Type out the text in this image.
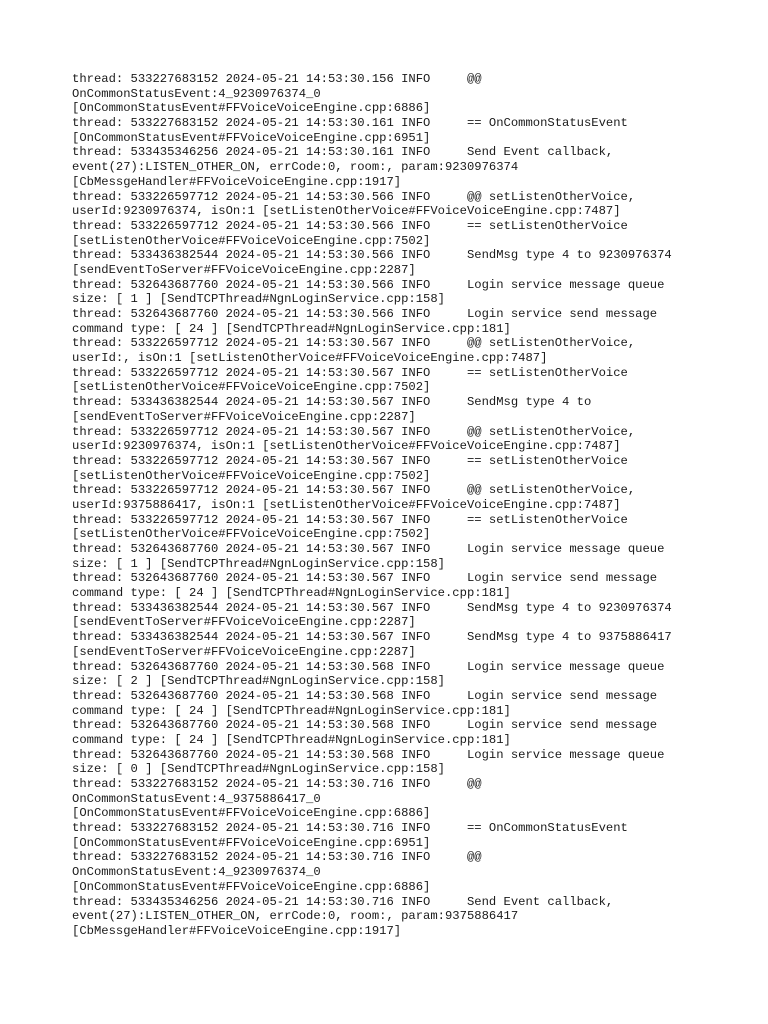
thread: 533227683152 2024-05-21 14:53:30.156 INFO     @@
OnCommonStatusEvent:4_9230976374_0
[OnCommonStatusEvent#FFVoiceVoiceEngine.cpp:6886]
thread: 533227683152 2024-05-21 14:53:30.161 INFO     == OnCommonStatusEvent
[OnCommonStatusEvent#FFVoiceVoiceEngine.cpp:6951]
thread: 533435346256 2024-05-21 14:53:30.161 INFO     Send Event callback,
event(27):LISTEN_OTHER_ON, errCode:0, room:, param:9230976374
[CbMessgeHandler#FFVoiceVoiceEngine.cpp:1917]
thread: 533226597712 2024-05-21 14:53:30.566 INFO     @@ setListenOtherVoice,
userId:9230976374, isOn:1 [setListenOtherVoice#FFVoiceVoiceEngine.cpp:7487]
thread: 533226597712 2024-05-21 14:53:30.566 INFO     == setListenOtherVoice
[setListenOtherVoice#FFVoiceVoiceEngine.cpp:7502]
thread: 533436382544 2024-05-21 14:53:30.566 INFO     SendMsg type 4 to 9230976374
[sendEventToServer#FFVoiceVoiceEngine.cpp:2287]
thread: 532643687760 2024-05-21 14:53:30.566 INFO     Login service message queue
size: [ 1 ] [SendTCPThread#NgnLoginService.cpp:158]
thread: 532643687760 2024-05-21 14:53:30.566 INFO     Login service send message
command type: [ 24 ] [SendTCPThread#NgnLoginService.cpp:181]
thread: 533226597712 2024-05-21 14:53:30.567 INFO     @@ setListenOtherVoice,
userId:, isOn:1 [setListenOtherVoice#FFVoiceVoiceEngine.cpp:7487]
thread: 533226597712 2024-05-21 14:53:30.567 INFO     == setListenOtherVoice
[setListenOtherVoice#FFVoiceVoiceEngine.cpp:7502]
thread: 533436382544 2024-05-21 14:53:30.567 INFO     SendMsg type 4 to
[sendEventToServer#FFVoiceVoiceEngine.cpp:2287]
thread: 533226597712 2024-05-21 14:53:30.567 INFO     @@ setListenOtherVoice,
userId:9230976374, isOn:1 [setListenOtherVoice#FFVoiceVoiceEngine.cpp:7487]
thread: 533226597712 2024-05-21 14:53:30.567 INFO     == setListenOtherVoice
[setListenOtherVoice#FFVoiceVoiceEngine.cpp:7502]
thread: 533226597712 2024-05-21 14:53:30.567 INFO     @@ setListenOtherVoice,
userId:9375886417, isOn:1 [setListenOtherVoice#FFVoiceVoiceEngine.cpp:7487]
thread: 533226597712 2024-05-21 14:53:30.567 INFO     == setListenOtherVoice
[setListenOtherVoice#FFVoiceVoiceEngine.cpp:7502]
thread: 532643687760 2024-05-21 14:53:30.567 INFO     Login service message queue
size: [ 1 ] [SendTCPThread#NgnLoginService.cpp:158]
thread: 532643687760 2024-05-21 14:53:30.567 INFO     Login service send message
command type: [ 24 ] [SendTCPThread#NgnLoginService.cpp:181]
thread: 533436382544 2024-05-21 14:53:30.567 INFO     SendMsg type 4 to 9230976374
[sendEventToServer#FFVoiceVoiceEngine.cpp:2287]
thread: 533436382544 2024-05-21 14:53:30.567 INFO     SendMsg type 4 to 9375886417
[sendEventToServer#FFVoiceVoiceEngine.cpp:2287]
thread: 532643687760 2024-05-21 14:53:30.568 INFO     Login service message queue
size: [ 2 ] [SendTCPThread#NgnLoginService.cpp:158]
thread: 532643687760 2024-05-21 14:53:30.568 INFO     Login service send message
command type: [ 24 ] [SendTCPThread#NgnLoginService.cpp:181]
thread: 532643687760 2024-05-21 14:53:30.568 INFO     Login service send message
command type: [ 24 ] [SendTCPThread#NgnLoginService.cpp:181]
thread: 532643687760 2024-05-21 14:53:30.568 INFO     Login service message queue
size: [ 0 ] [SendTCPThread#NgnLoginService.cpp:158]
thread: 533227683152 2024-05-21 14:53:30.716 INFO     @@
OnCommonStatusEvent:4_9375886417_0
[OnCommonStatusEvent#FFVoiceVoiceEngine.cpp:6886]
thread: 533227683152 2024-05-21 14:53:30.716 INFO     == OnCommonStatusEvent
[OnCommonStatusEvent#FFVoiceVoiceEngine.cpp:6951]
thread: 533227683152 2024-05-21 14:53:30.716 INFO     @@
OnCommonStatusEvent:4_9230976374_0
[OnCommonStatusEvent#FFVoiceVoiceEngine.cpp:6886]
thread: 533435346256 2024-05-21 14:53:30.716 INFO     Send Event callback,
event(27):LISTEN_OTHER_ON, errCode:0, room:, param:9375886417
[CbMessgeHandler#FFVoiceVoiceEngine.cpp:1917]
